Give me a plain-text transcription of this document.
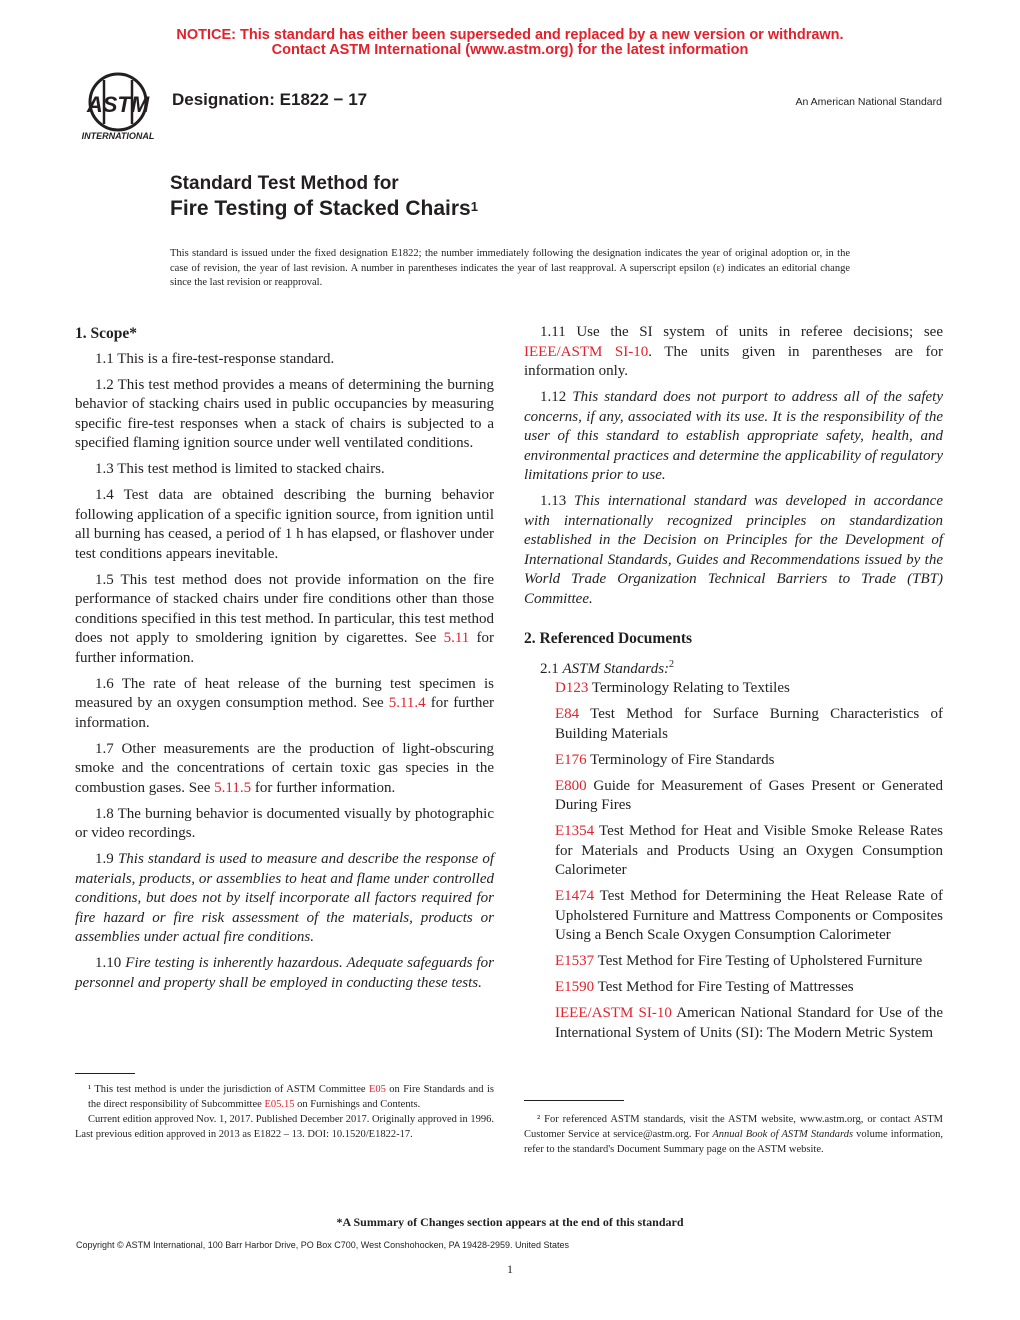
NOTICE: This standard has either been superseded and replaced by a new version or withdrawn.
Contact ASTM International (www.astm.org) for the latest information
ASTM
INTERNATIONAL
Designation: E1822 − 17	An American National Standard
Standard Test Method for
Fire Testing of Stacked Chairs$^1$
This standard is issued under the fixed designation E1822; the number immediately following the designation indicates the year of original adoption or, in the case of revision, the year of last revision. A number in parentheses indicates the year of last reapproval. A superscript epsilon (ε) indicates an editorial change since the last revision or reapproval.
1. Scope*

1.1 This is a fire-test-response standard.

1.2 This test method provides a means of determining the burning behavior of stacking chairs used in public occupancies by measuring specific fire-test responses when a stack of chairs is subjected to a specified flaming ignition source under well ventilated conditions.

1.3 This test method is limited to stacked chairs.

1.4 Test data are obtained describing the burning behavior following application of a specific ignition source, from ignition until all burning has ceased, a period of 1 h has elapsed, or flashover under test conditions appears inevitable.

1.5 This test method does not provide information on the fire performance of stacked chairs under fire conditions other than those conditions specified in this test method. In particular, this test method does not apply to smoldering ignition by cigarettes. See 5.11 for further information.

1.6 The rate of heat release of the burning test specimen is measured by an oxygen consumption method. See 5.11.4 for further information.

1.7 Other measurements are the production of light-obscuring smoke and the concentrations of certain toxic gas species in the combustion gases. See 5.11.5 for further information.

1.8 The burning behavior is documented visually by photographic or video recordings.

1.9 This standard is used to measure and describe the response of materials, products, or assemblies to heat and flame under controlled conditions, but does not by itself incorporate all factors required for fire hazard or fire risk assessment of the materials, products or assemblies under actual fire conditions.

1.10 Fire testing is inherently hazardous. Adequate safeguards for personnel and property shall be employed in conducting these tests.

1.11 Use the SI system of units in referee decisions; see IEEE/ASTM SI-10. The units given in parentheses are for information only.

1.12 This standard does not purport to address all of the safety concerns, if any, associated with its use. It is the responsibility of the user of this standard to establish appropriate safety, health, and environmental practices and determine the applicability of regulatory limitations prior to use.

1.13 This international standard was developed in accordance with internationally recognized principles on standardization established in the Decision on Principles for the Development of International Standards, Guides and Recommendations issued by the World Trade Organization Technical Barriers to Trade (TBT) Committee.

2. Referenced Documents

2.1 ASTM Standards:$^2$

D123 Terminology Relating to Textiles

E84 Test Method for Surface Burning Characteristics of Building Materials

E176 Terminology of Fire Standards

E800 Guide for Measurement of Gases Present or Generated During Fires

E1354 Test Method for Heat and Visible Smoke Release Rates for Materials and Products Using an Oxygen Consumption Calorimeter

E1474 Test Method for Determining the Heat Release Rate of Upholstered Furniture and Mattress Components or Composites Using a Bench Scale Oxygen Consumption Calorimeter

E1537 Test Method for Fire Testing of Upholstered Furniture

E1590 Test Method for Fire Testing of Mattresses

IEEE/ASTM SI-10 American National Standard for Use of the International System of Units (SI): The Modern Metric System

¹ This test method is under the jurisdiction of ASTM Committee E05 on Fire Standards and is the direct responsibility of Subcommittee E05.15 on Furnishings and Contents.

Current edition approved Nov. 1, 2017. Published December 2017. Originally approved in 1996. Last previous edition approved in 2013 as E1822 – 13. DOI: 10.1520/E1822-17.

² For referenced ASTM standards, visit the ASTM website, www.astm.org, or contact ASTM Customer Service at service@astm.org. For Annual Book of ASTM Standards volume information, refer to the standard's Document Summary page on the ASTM website.

*A Summary of Changes section appears at the end of this standard
Copyright © ASTM International, 100 Barr Harbor Drive, PO Box C700, West Conshohocken, PA 19428-2959. United States
1
